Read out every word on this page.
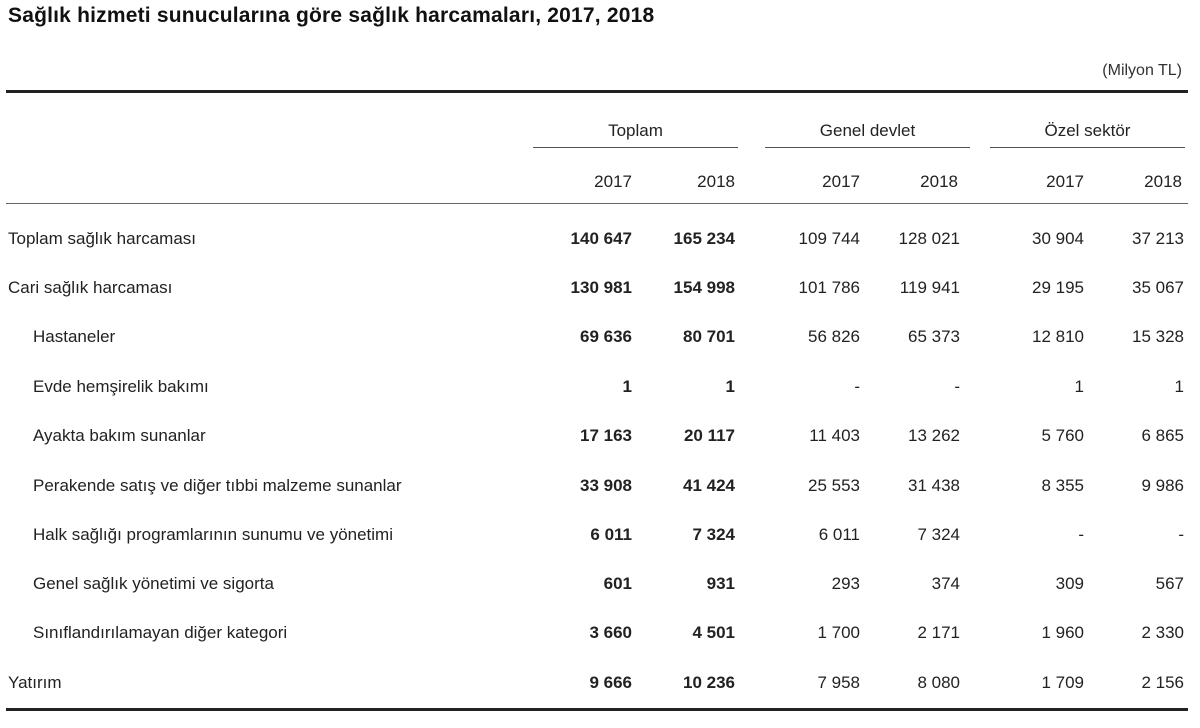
Sağlık hizmeti sunucularına göre sağlık harcamaları, 2017, 2018
(Milyon TL)
Toplam	Genel devlet	Özel sektör
2017	2018	2017	2018	2017	2018
Toplam sağlık harcaması	140 647	165 234	109 744	128 021	30 904	37 213
Cari sağlık harcaması	130 981	154 998	101 786	119 941	29 195	35 067
Hastaneler	69 636	80 701	56 826	65 373	12 810	15 328
Evde hemşirelik bakımı	1	1	-	-	1	1
Ayakta bakım sunanlar	17 163	20 117	11 403	13 262	5 760	6 865
Perakende satış ve diğer tıbbi malzeme sunanlar	33 908	41 424	25 553	31 438	8 355	9 986
Halk sağlığı programlarının sunumu ve yönetimi	6 011	7 324	6 011	7 324	-	-
Genel sağlık yönetimi ve sigorta	601	931	293	374	309	567
Sınıflandırılamayan diğer kategori	3 660	4 501	1 700	2 171	1 960	2 330
Yatırım	9 666	10 236	7 958	8 080	1 709	2 156
